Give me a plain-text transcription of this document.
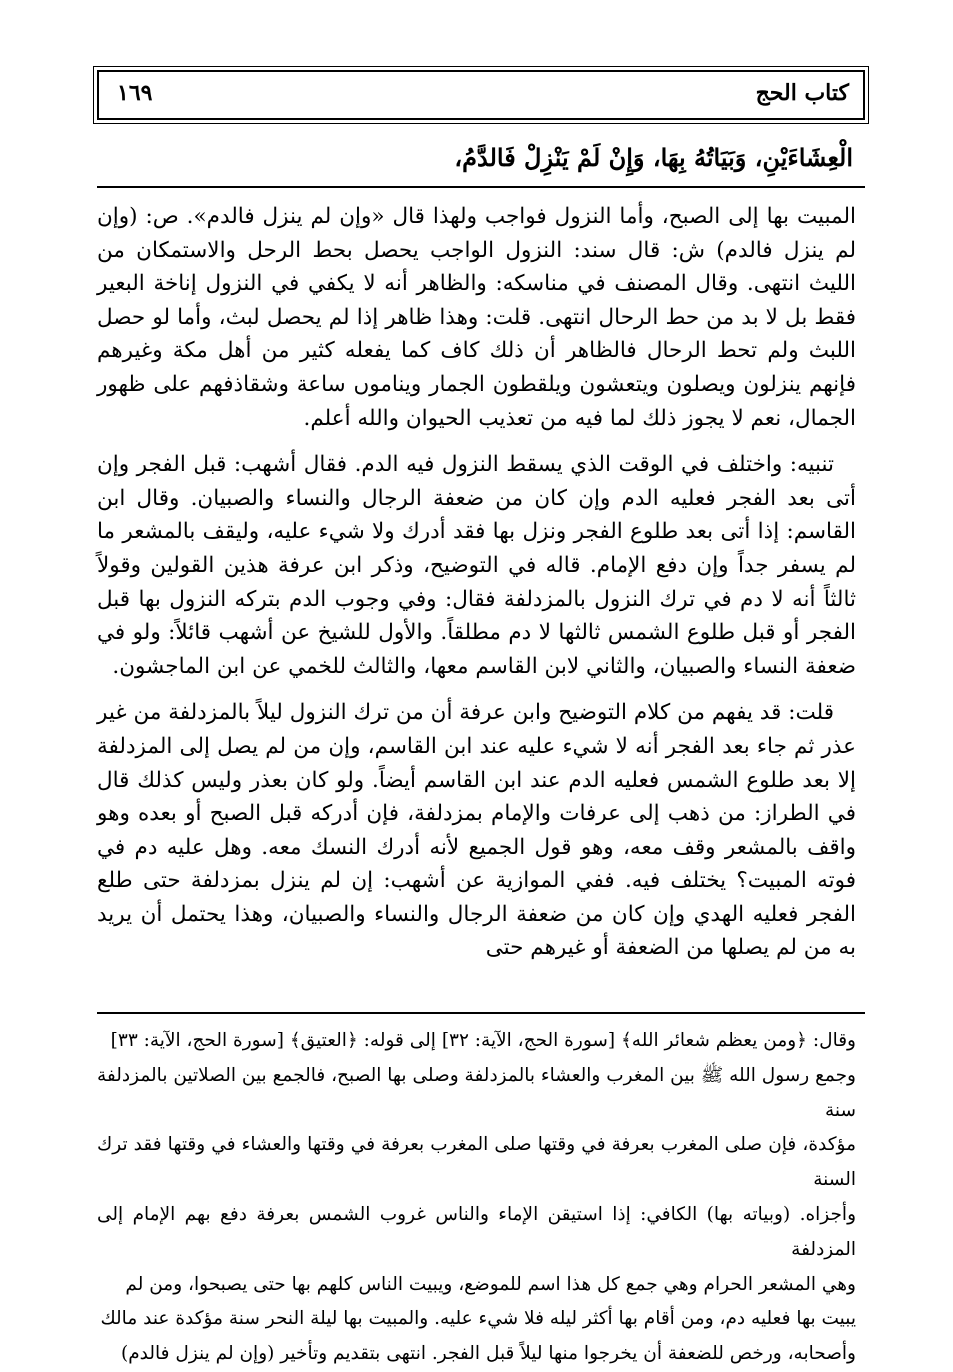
كتاب الحج
١٦٩
الْعِشَاءَيْنِ، وَبَيَاتُهُ بِهَا، وَإِنْ لَمْ يَنْزِلْ فَالدَّمُ،

المبيت بها إلى الصبح، وأما النزول فواجب ولهذا قال «وإن لم ينزل فالدم». ص: (وإن لم ينزل فالدم) ش: قال سند: النزول الواجب يحصل بحط الرحل والاستمكان من الليث انتهى. وقال المصنف في مناسكه: والظاهر أنه لا يكفي في النزول إناخة البعير فقط بل لا بد من حط الرحال انتهى. قلت: وهذا ظاهر إذا لم يحصل لبث، وأما لو حصل اللبث ولم تحط الرحال فالظاهر أن ذلك كاف كما يفعله كثير من أهل مكة وغيرهم فإنهم ينزلون ويصلون ويتعشون ويلقطون الجمار ويناموں ساعة وشقاذفهم على ظهور الجمال، نعم لا يجوز ذلك لما فيه من تعذيب الحيوان والله أعلم.

تنبيه: واختلف في الوقت الذي يسقط النزول فيه الدم. فقال أشهب: قبل الفجر وإن أتى بعد الفجر فعليه الدم وإن كان من ضعفة الرجال والنساء والصبيان. وقال ابن القاسم: إذا أتى بعد طلوع الفجر ونزل بها فقد أدرك ولا شيء عليه، وليقف بالمشعر ما لم يسفر جداً وإن دفع الإمام. قاله في التوضيح، وذكر ابن عرفة هذين القولين وقولاً ثالثاً أنه لا دم في ترك النزول بالمزدلفة فقال: وفي وجوب الدم بتركه النزول بها قبل الفجر أو قبل طلوع الشمس ثالثها لا دم مطلقاً. والأول للشيخ عن أشهب قائلاً: ولو في ضعفة النساء والصبيان، والثاني لابن القاسم معها، والثالث للخمي عن ابن الماجشون.

قلت: قد يفهم من كلام التوضيح وابن عرفة أن من ترك النزول ليلاً بالمزدلفة من غير عذر ثم جاء بعد الفجر أنه لا شيء عليه عند ابن القاسم، وإن من لم يصل إلى المزدلفة إلا بعد طلوع الشمس فعليه الدم عند ابن القاسم أيضاً. ولو كان بعذر وليس كذلك قال في الطراز: من ذهب إلى عرفات والإمام بمزدلفة، فإن أدركه قبل الصبح أو بعده وهو واقف بالمشعر وقف معه، وهو قول الجميع لأنه أدرك النسك معه. وهل عليه دم في فوته المبيت؟ يختلف فيه. ففي الموازية عن أشهب: إن لم ينزل بمزدلفة حتى طلع الفجر فعليه الهدي وإن كان من ضعفة الرجال والنساء والصبيان، وهذا يحتمل أن يريد به من لم يصلها من الضعفة أو غيرهم حتى

وقال: ﴿ومن يعظم شعائر الله﴾ [سورة الحج، الآية: ٣٢] إلى قوله: ﴿العتيق﴾ [سورة الحج، الآية: ٣٣]

وجمع رسول الله ﷺ بين المغرب والعشاء بالمزدلفة وصلى بها الصبح، فالجمع بين الصلاتين بالمزدلفة سنة

مؤكدة، فإن صلى المغرب بعرفة في وقتها صلى المغرب بعرفة في وقتها والعشاء في وقتها فقد ترك السنة

وأجزاه. (وبياته بها) الكافي: إذا استيقن الإماء والناس غروب الشمس بعرفة دفع بهم الإمام إلى المزدلفة

وهي المشعر الحرام وهي جمع كل هذا اسم للموضع، ويبيت الناس كلهم بها حتى يصبحوا، ومن لم

يبيت بها فعليه دم، ومن أقام بها أكثر ليله فلا شيء عليه. والمبيت بها ليلة النحر سنة مؤكدة عند مالك

وأصحابه، ورخص للضعفة أن يخرجوا منها ليلاً قبل الفجر. انتهى بتقديم وتأخير (وإن لم ينزل فالدم)
